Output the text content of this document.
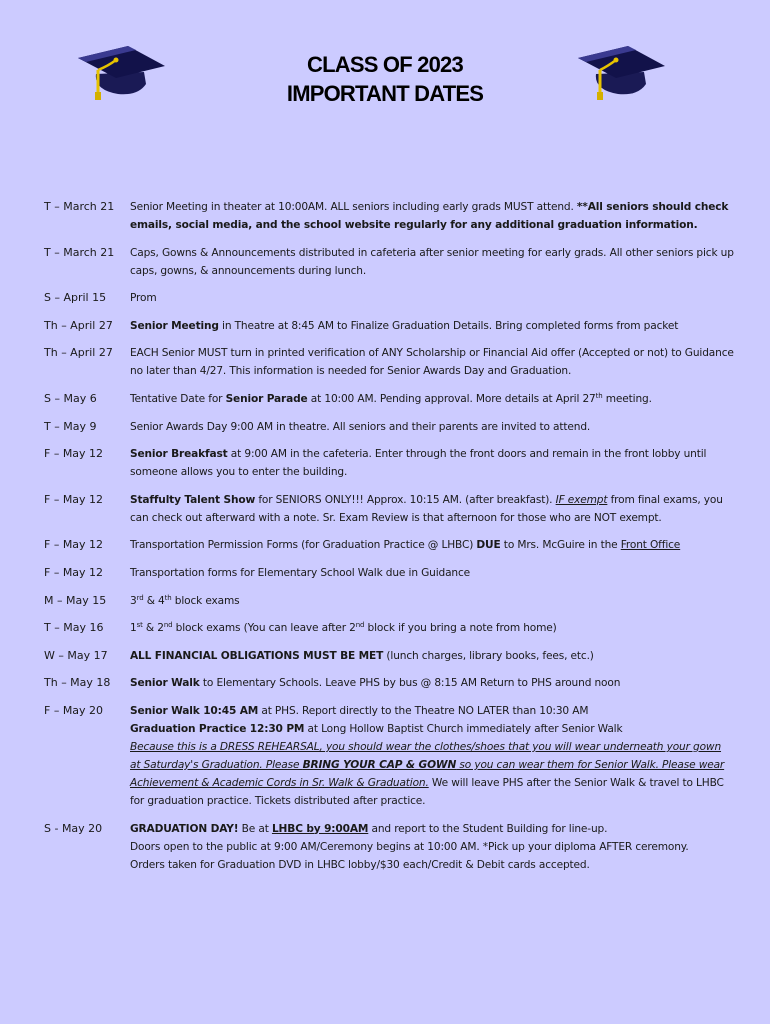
CLASS OF 2023
IMPORTANT DATES
T – March 21	Senior Meeting in theater at 10:00AM. ALL seniors including early grads MUST attend. **All seniors should check emails, social media, and the school website regularly for any additional graduation information.
T – March 21	Caps, Gowns & Announcements distributed in cafeteria after senior meeting for early grads. All other seniors pick up caps, gowns, & announcements during lunch.
S – April 15	Prom
Th – April 27	Senior Meeting in Theatre at 8:45 AM to Finalize Graduation Details. Bring completed forms from packet
Th – April 27	EACH Senior MUST turn in printed verification of ANY Scholarship or Financial Aid offer (Accepted or not) to Guidance no later than 4/27. This information is needed for Senior Awards Day and Graduation.
S – May 6	Tentative Date for Senior Parade at 10:00 AM. Pending approval. More details at April 27th meeting.
T – May 9	Senior Awards Day 9:00 AM in theatre. All seniors and their parents are invited to attend.
F – May 12	Senior Breakfast at 9:00 AM in the cafeteria. Enter through the front doors and remain in the front lobby until someone allows you to enter the building.
F – May 12	Staffulty Talent Show for SENIORS ONLY!!! Approx. 10:15 AM. (after breakfast). IF exempt from final exams, you can check out afterward with a note. Sr. Exam Review is that afternoon for those who are NOT exempt.
F – May 12	Transportation Permission Forms (for Graduation Practice @ LHBC) DUE to Mrs. McGuire in the Front Office
F – May 12	Transportation forms for Elementary School Walk due in Guidance
M – May 15	3rd & 4th block exams
T – May 16	1st & 2nd block exams (You can leave after 2nd block if you bring a note from home)
W – May 17	ALL FINANCIAL OBLIGATIONS MUST BE MET (lunch charges, library books, fees, etc.)
Th – May 18	Senior Walk to Elementary Schools. Leave PHS by bus @ 8:15 AM Return to PHS around noon
F – May 20	Senior Walk 10:45 AM at PHS. Report directly to the Theatre NO LATER than 10:30 AM

Graduation Practice 12:30 PM at Long Hollow Baptist Church immediately after Senior Walk

Because this is a DRESS REHEARSAL, you should wear the clothes/shoes that you will wear underneath your gown at Saturday's Graduation. Please BRING YOUR CAP & GOWN so you can wear them for Senior Walk. Please wear Achievement & Academic Cords in Sr. Walk & Graduation. We will leave PHS after the Senior Walk & travel to LHBC for graduation practice. Tickets distributed after practice.

S - May 20	GRADUATION DAY! Be at LHBC by 9:00AM and report to the Student Building for line-up.

Doors open to the public at 9:00 AM/Ceremony begins at 10:00 AM. *Pick up your diploma AFTER ceremony.

Orders taken for Graduation DVD in LHBC lobby/$30 each/Credit & Debit cards accepted.
